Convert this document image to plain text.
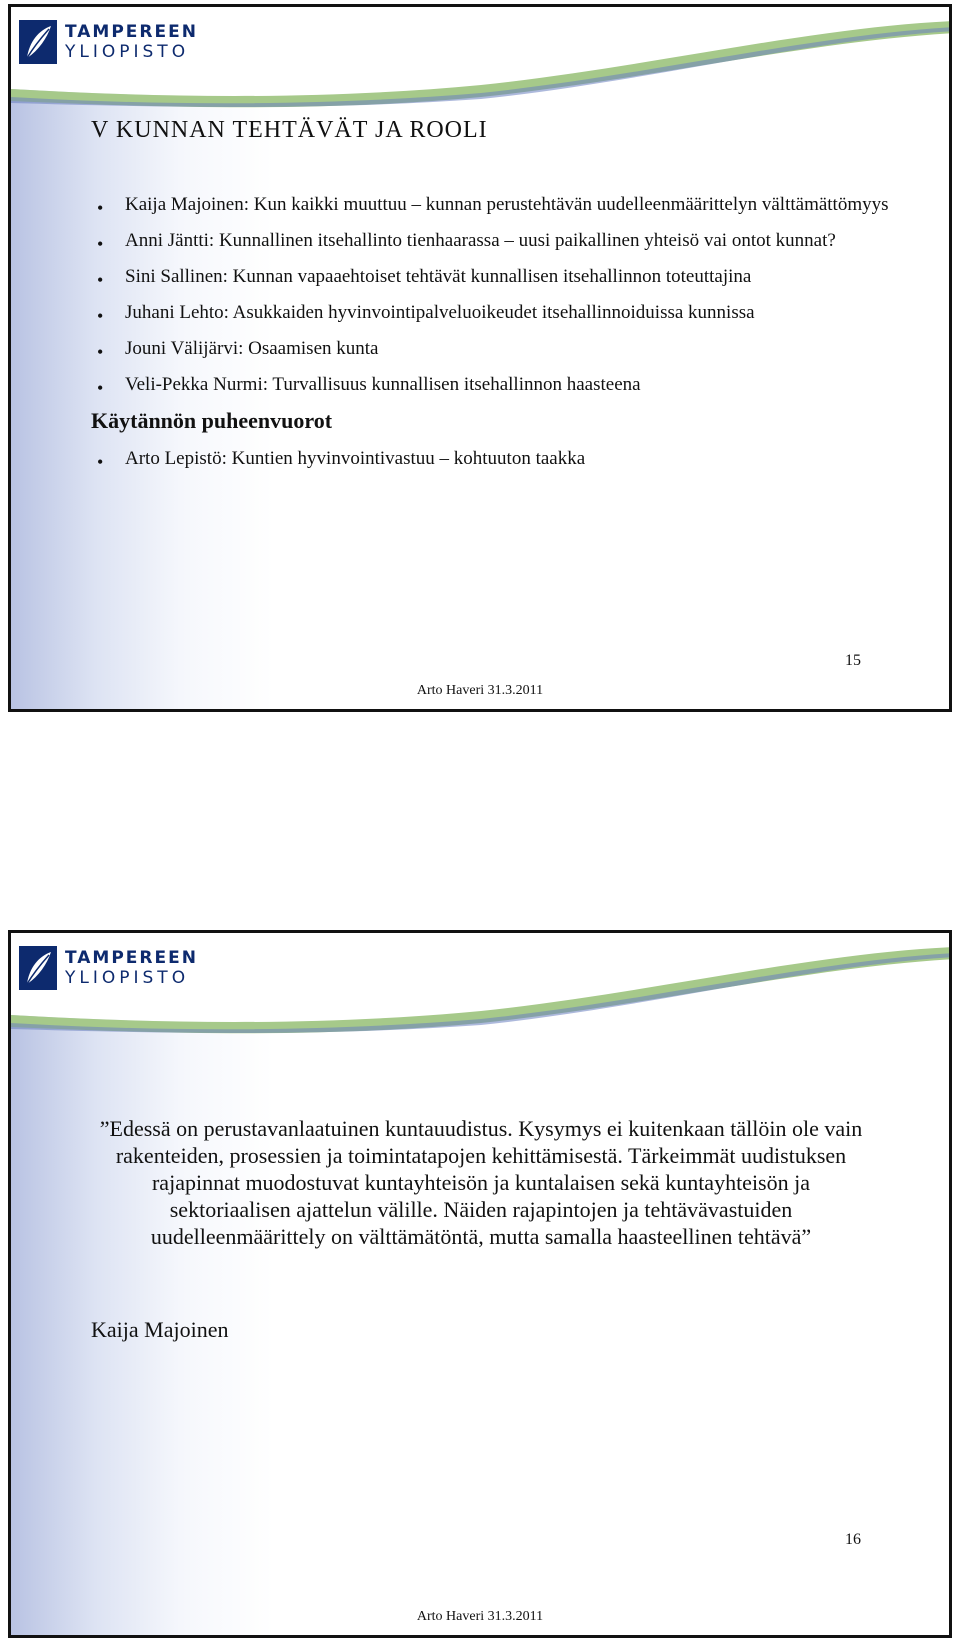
TAMPEREEN
YLIOPISTO
V KUNNAN TEHTÄVÄT JA ROOLI
• Kaija Majoinen: Kun kaikki muuttuu – kunnan perustehtävän uudelleenmäärittelyn välttämättömyys
• Anni Jäntti: Kunnallinen itsehallinto tienhaarassa – uusi paikallinen yhteisö vai ontot kunnat?
• Sini Sallinen: Kunnan vapaaehtoiset tehtävät kunnallisen itsehallinnon toteuttajina
• Juhani Lehto: Asukkaiden hyvinvointipalveluoikeudet itsehallinnoiduissa kunnissa
• Jouni Välijärvi: Osaamisen kunta
• Veli-Pekka Nurmi: Turvallisuus kunnallisen itsehallinnon haasteena
Käytännön puheenvuorot
• Arto Lepistö: Kuntien hyvinvointivastuu – kohtuuton taakka
15
Arto Haveri 31.3.2011
TAMPEREEN
YLIOPISTO
”Edessä on perustavanlaatuinen kuntauudistus. Kysymys ei kuitenkaan tällöin ole vain rakenteiden, prosessien ja toimintatapojen kehittämisestä. Tärkeimmät uudistuksen rajapinnat muodostuvat kuntayhteisön ja kuntalaisen sekä kuntayhteisön ja sektoriaalisen ajattelun välille. Näiden rajapintojen ja tehtävävastuiden uudelleenmäärittely on välttämätöntä, mutta samalla haasteellinen tehtävä”
Kaija Majoinen
16
Arto Haveri 31.3.2011
